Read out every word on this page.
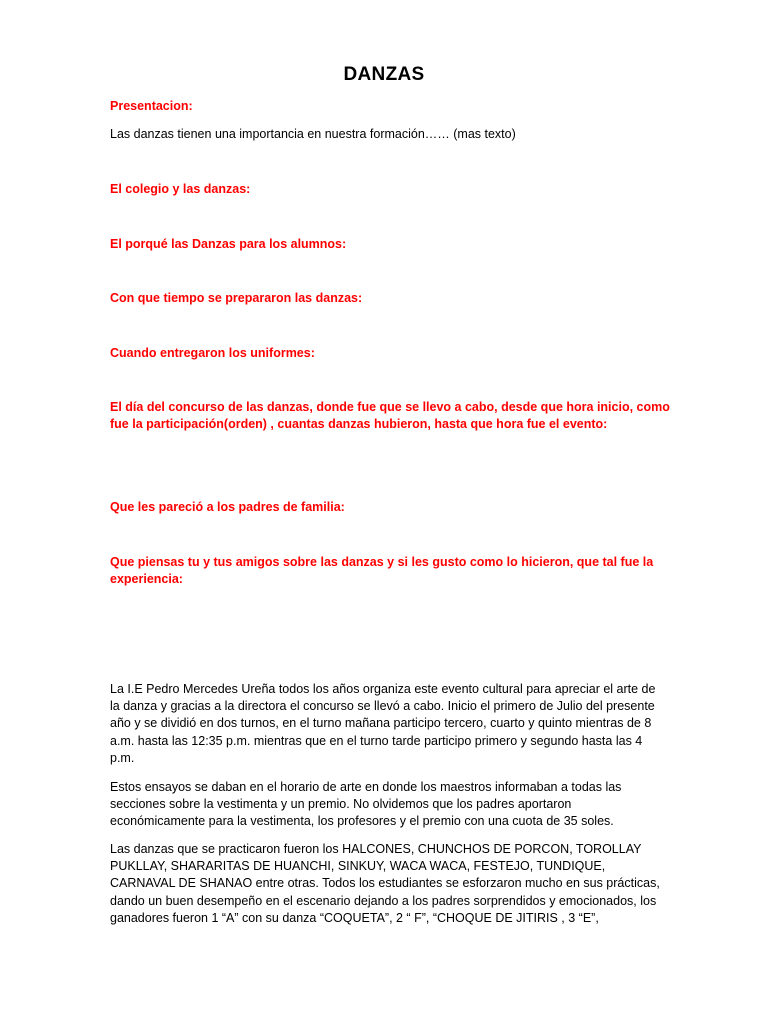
DANZAS
Presentacion:
Las danzas tienen una importancia en nuestra formación…… (mas texto)
El colegio y las danzas:
El porqué las Danzas para los alumnos:
Con que tiempo se prepararon las danzas:
Cuando entregaron los uniformes:
El día del concurso de las danzas, donde fue que se llevo a cabo, desde que hora inicio, como fue la participación(orden) , cuantas danzas hubieron, hasta que hora fue el evento:
Que les pareció a los padres de familia:
Que piensas tu y tus amigos sobre las danzas y si les gusto como lo hicieron, que tal fue la experiencia:
La I.E Pedro Mercedes Ureña todos los años organiza este evento cultural para apreciar el arte de la danza y gracias a la directora el concurso se llevó a cabo. Inicio el primero de Julio del presente año y se dividió en dos turnos, en el turno mañana participo tercero, cuarto y quinto mientras de 8 a.m. hasta las 12:35 p.m. mientras que en el turno tarde participo primero y segundo hasta las 4 p.m.
Estos ensayos se daban en el horario de arte en donde los maestros informaban a todas las secciones sobre la vestimenta y un premio. No olvidemos que los padres aportaron económicamente para la vestimenta, los profesores y el premio con una cuota de 35 soles.
Las danzas que se practicaron fueron los HALCONES, CHUNCHOS DE PORCON, TOROLLAY PUKLLAY, SHARARITAS DE HUANCHI, SINKUY, WACA WACA, FESTEJO, TUNDIQUE, CARNAVAL DE SHANAO entre otras. Todos los estudiantes se esforzaron mucho en sus prácticas, dando un buen desempeño en el escenario dejando a los padres sorprendidos y emocionados, los ganadores fueron 1 “A” con su danza “COQUETA”, 2 “ F”, “CHOQUE DE JITIRIS , 3 “E”,
